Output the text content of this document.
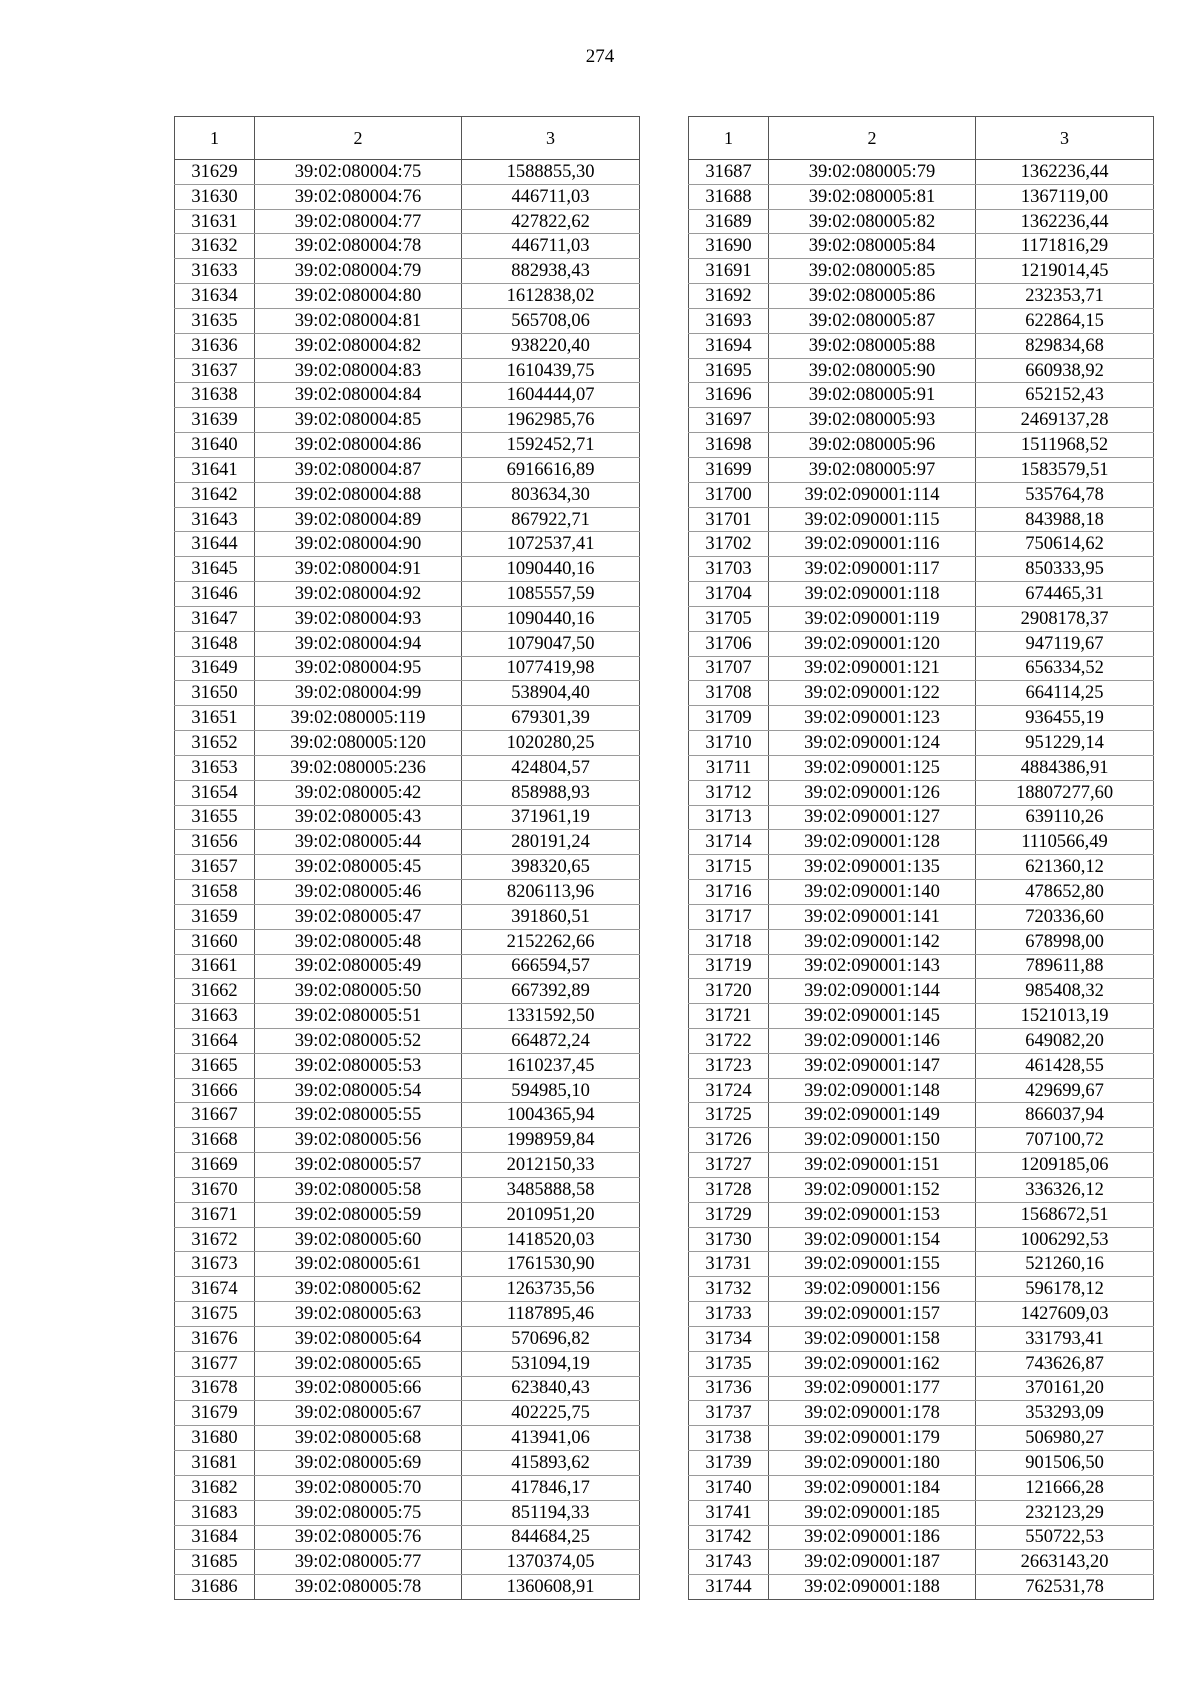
274
1	2	3
31629	39:02:080004:75	1588855,30
31630	39:02:080004:76	446711,03
31631	39:02:080004:77	427822,62
31632	39:02:080004:78	446711,03
31633	39:02:080004:79	882938,43
31634	39:02:080004:80	1612838,02
31635	39:02:080004:81	565708,06
31636	39:02:080004:82	938220,40
31637	39:02:080004:83	1610439,75
31638	39:02:080004:84	1604444,07
31639	39:02:080004:85	1962985,76
31640	39:02:080004:86	1592452,71
31641	39:02:080004:87	6916616,89
31642	39:02:080004:88	803634,30
31643	39:02:080004:89	867922,71
31644	39:02:080004:90	1072537,41
31645	39:02:080004:91	1090440,16
31646	39:02:080004:92	1085557,59
31647	39:02:080004:93	1090440,16
31648	39:02:080004:94	1079047,50
31649	39:02:080004:95	1077419,98
31650	39:02:080004:99	538904,40
31651	39:02:080005:119	679301,39
31652	39:02:080005:120	1020280,25
31653	39:02:080005:236	424804,57
31654	39:02:080005:42	858988,93
31655	39:02:080005:43	371961,19
31656	39:02:080005:44	280191,24
31657	39:02:080005:45	398320,65
31658	39:02:080005:46	8206113,96
31659	39:02:080005:47	391860,51
31660	39:02:080005:48	2152262,66
31661	39:02:080005:49	666594,57
31662	39:02:080005:50	667392,89
31663	39:02:080005:51	1331592,50
31664	39:02:080005:52	664872,24
31665	39:02:080005:53	1610237,45
31666	39:02:080005:54	594985,10
31667	39:02:080005:55	1004365,94
31668	39:02:080005:56	1998959,84
31669	39:02:080005:57	2012150,33
31670	39:02:080005:58	3485888,58
31671	39:02:080005:59	2010951,20
31672	39:02:080005:60	1418520,03
31673	39:02:080005:61	1761530,90
31674	39:02:080005:62	1263735,56
31675	39:02:080005:63	1187895,46
31676	39:02:080005:64	570696,82
31677	39:02:080005:65	531094,19
31678	39:02:080005:66	623840,43
31679	39:02:080005:67	402225,75
31680	39:02:080005:68	413941,06
31681	39:02:080005:69	415893,62
31682	39:02:080005:70	417846,17
31683	39:02:080005:75	851194,33
31684	39:02:080005:76	844684,25
31685	39:02:080005:77	1370374,05
31686	39:02:080005:78	1360608,91
1	2	3
31687	39:02:080005:79	1362236,44
31688	39:02:080005:81	1367119,00
31689	39:02:080005:82	1362236,44
31690	39:02:080005:84	1171816,29
31691	39:02:080005:85	1219014,45
31692	39:02:080005:86	232353,71
31693	39:02:080005:87	622864,15
31694	39:02:080005:88	829834,68
31695	39:02:080005:90	660938,92
31696	39:02:080005:91	652152,43
31697	39:02:080005:93	2469137,28
31698	39:02:080005:96	1511968,52
31699	39:02:080005:97	1583579,51
31700	39:02:090001:114	535764,78
31701	39:02:090001:115	843988,18
31702	39:02:090001:116	750614,62
31703	39:02:090001:117	850333,95
31704	39:02:090001:118	674465,31
31705	39:02:090001:119	2908178,37
31706	39:02:090001:120	947119,67
31707	39:02:090001:121	656334,52
31708	39:02:090001:122	664114,25
31709	39:02:090001:123	936455,19
31710	39:02:090001:124	951229,14
31711	39:02:090001:125	4884386,91
31712	39:02:090001:126	18807277,60
31713	39:02:090001:127	639110,26
31714	39:02:090001:128	1110566,49
31715	39:02:090001:135	621360,12
31716	39:02:090001:140	478652,80
31717	39:02:090001:141	720336,60
31718	39:02:090001:142	678998,00
31719	39:02:090001:143	789611,88
31720	39:02:090001:144	985408,32
31721	39:02:090001:145	1521013,19
31722	39:02:090001:146	649082,20
31723	39:02:090001:147	461428,55
31724	39:02:090001:148	429699,67
31725	39:02:090001:149	866037,94
31726	39:02:090001:150	707100,72
31727	39:02:090001:151	1209185,06
31728	39:02:090001:152	336326,12
31729	39:02:090001:153	1568672,51
31730	39:02:090001:154	1006292,53
31731	39:02:090001:155	521260,16
31732	39:02:090001:156	596178,12
31733	39:02:090001:157	1427609,03
31734	39:02:090001:158	331793,41
31735	39:02:090001:162	743626,87
31736	39:02:090001:177	370161,20
31737	39:02:090001:178	353293,09
31738	39:02:090001:179	506980,27
31739	39:02:090001:180	901506,50
31740	39:02:090001:184	121666,28
31741	39:02:090001:185	232123,29
31742	39:02:090001:186	550722,53
31743	39:02:090001:187	2663143,20
31744	39:02:090001:188	762531,78
